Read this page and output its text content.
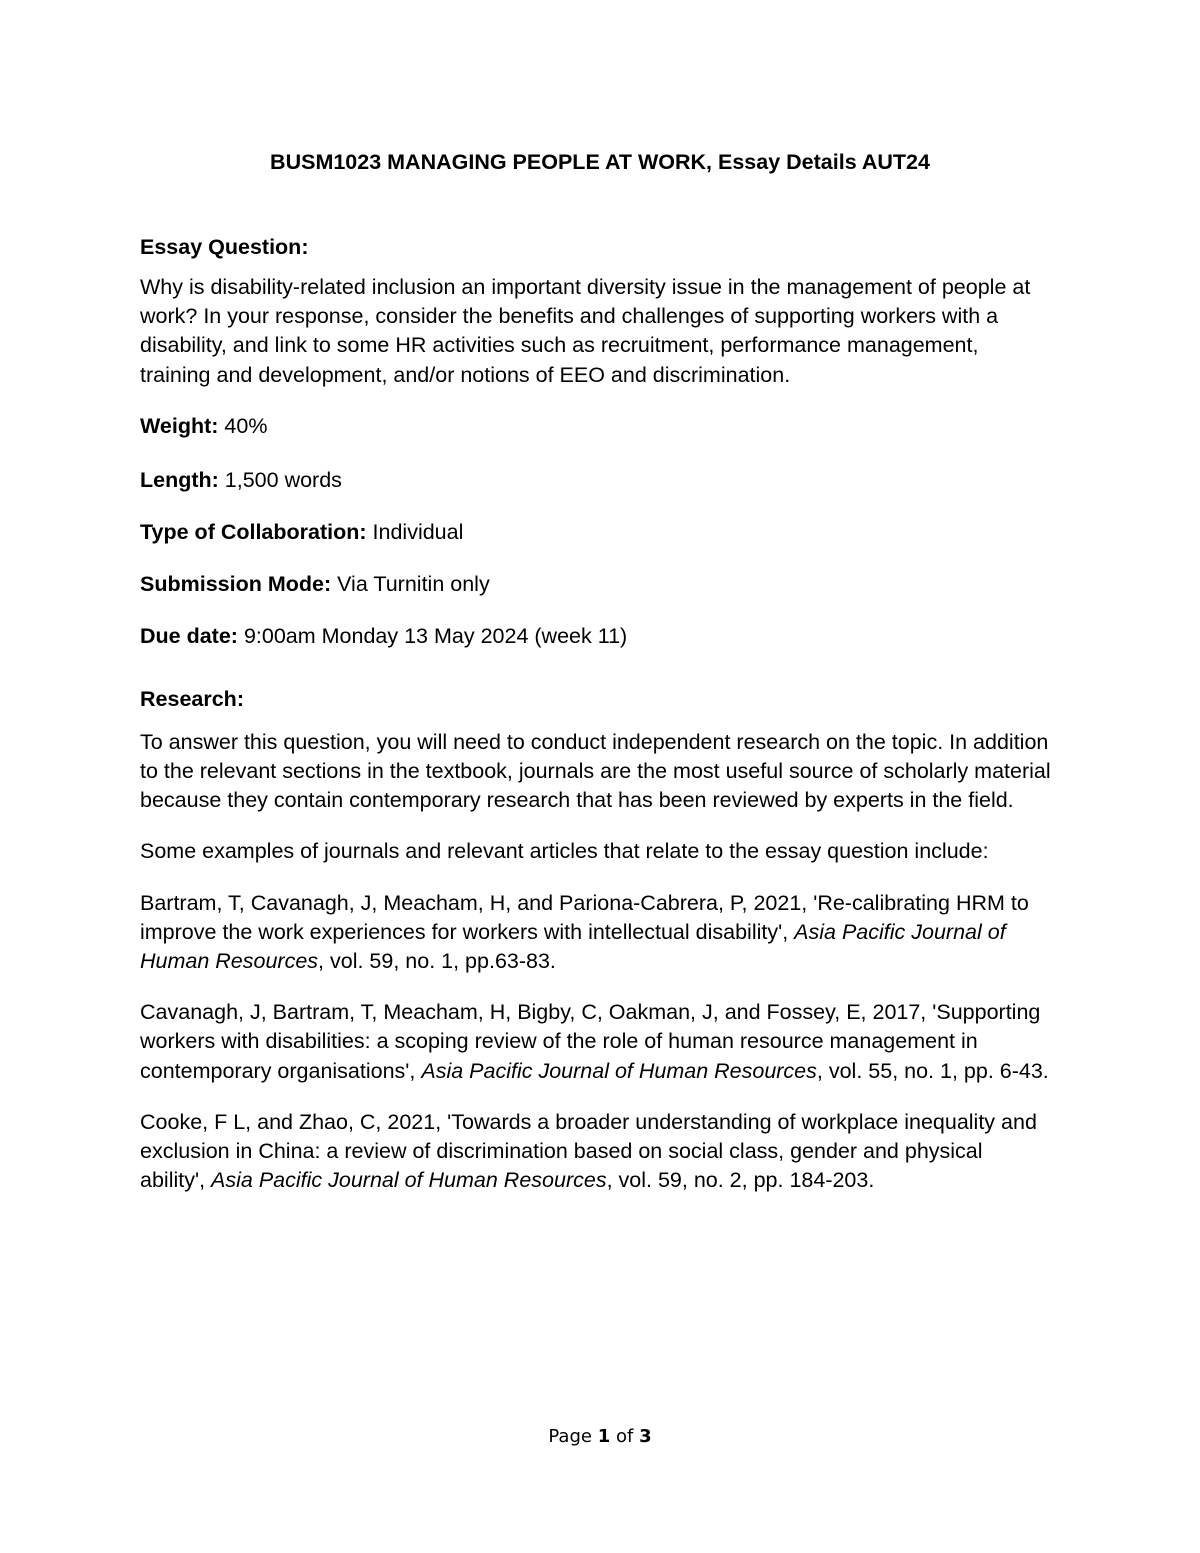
BUSM1023 MANAGING PEOPLE AT WORK, Essay Details AUT24

Essay Question:

Why is disability-related inclusion an important diversity issue in the management of people at work? In your response, consider the benefits and challenges of supporting workers with a disability, and link to some HR activities such as recruitment, performance management, training and development, and/or notions of EEO and discrimination.

Weight: 40%

Length: 1,500 words

Type of Collaboration: Individual

Submission Mode: Via Turnitin only

Due date: 9:00am Monday 13 May 2024 (week 11)

Research:

To answer this question, you will need to conduct independent research on the topic. In addition to the relevant sections in the textbook, journals are the most useful source of scholarly material because they contain contemporary research that has been reviewed by experts in the field.

Some examples of journals and relevant articles that relate to the essay question include:

Bartram, T, Cavanagh, J, Meacham, H, and Pariona-Cabrera, P, 2021, 'Re-calibrating HRM to improve the work experiences for workers with intellectual disability', Asia Pacific Journal of Human Resources, vol. 59, no. 1, pp.63-83.

Cavanagh, J, Bartram, T, Meacham, H, Bigby, C, Oakman, J, and Fossey, E, 2017, 'Supporting workers with disabilities: a scoping review of the role of human resource management in contemporary organisations', Asia Pacific Journal of Human Resources, vol. 55, no. 1, pp. 6-43.

Cooke, F L, and Zhao, C, 2021, 'Towards a broader understanding of workplace inequality and exclusion in China: a review of discrimination based on social class, gender and physical ability', Asia Pacific Journal of Human Resources, vol. 59, no. 2, pp. 184-203.

Page 1 of 3
